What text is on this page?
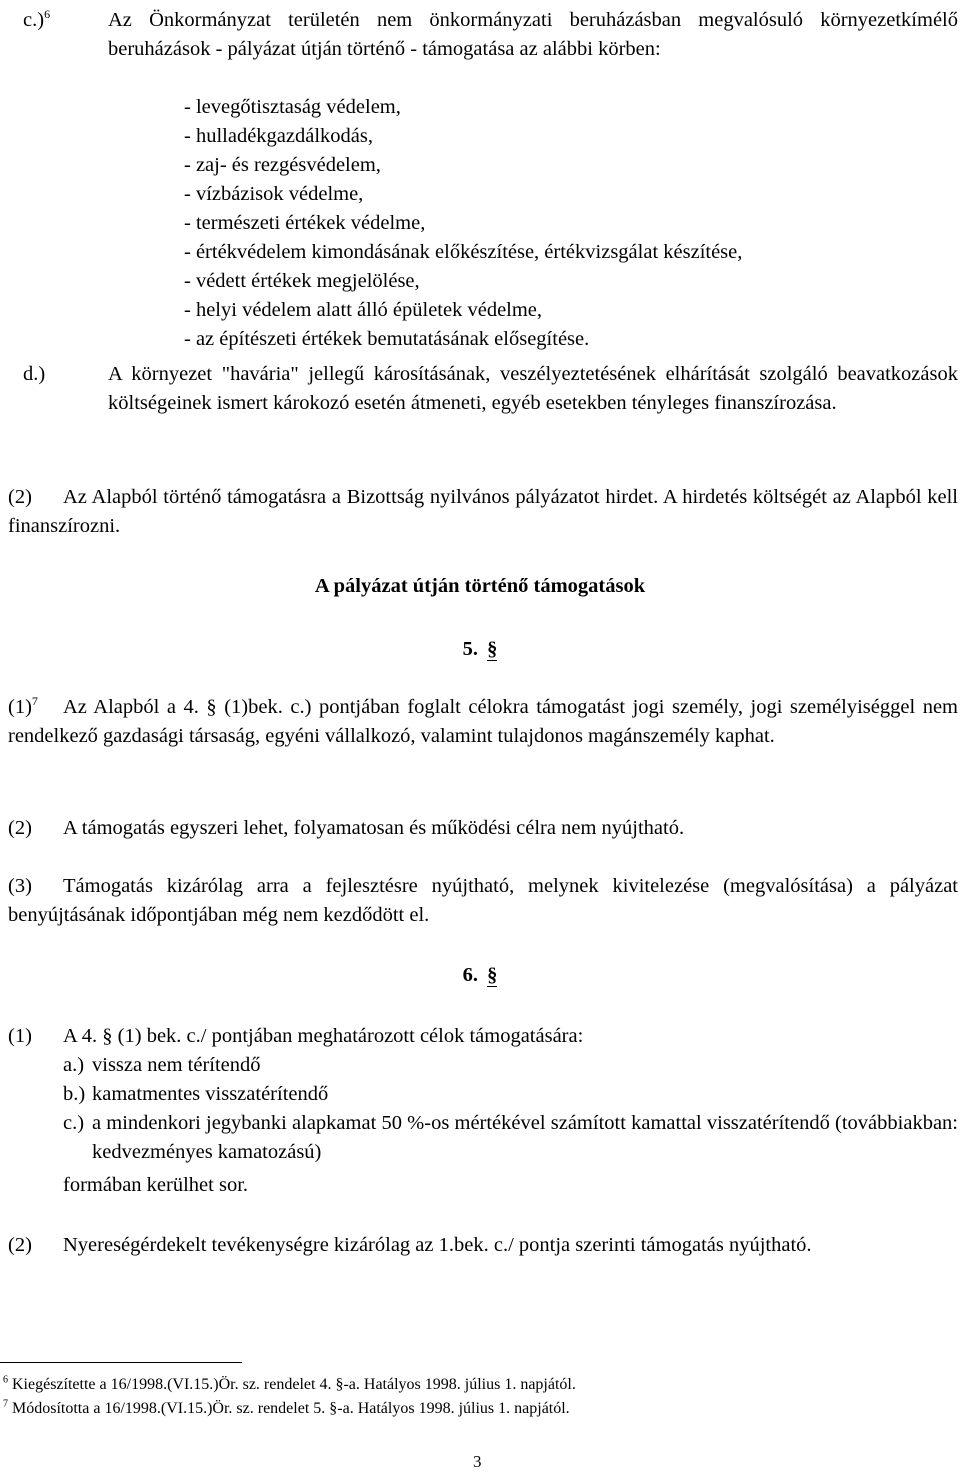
c.)$^6$	Az Önkormányzat területén nem önkormányzati beruházásban megvalósuló környezetkímélő beruházások - pályázat útján történő - támogatása az alábbi körben:
- levegőtisztaság védelem,
- hulladékgazdálkodás,
- zaj- és rezgésvédelem,
- vízbázisok védelme,
- természeti értékek védelme,
- értékvédelem kimondásának előkészítése, értékvizsgálat készítése,
- védett értékek megjelölése,
- helyi védelem alatt álló épületek védelme,
- az építészeti értékek bemutatásának elősegítése.
d.)	A környezet "havária" jellegű károsításának, veszélyeztetésének elhárítását szolgáló beavatkozások költségeinek ismert károkozó esetén átmeneti, egyéb esetekben tényleges finanszírozása.
(2)	Az Alapból történő támogatásra a Bizottság nyilvános pályázatot hirdet. A hirdetés költségét az Alapból kell finanszírozni.
A pályázat útján történő támogatások
5. §
$(1)^7$	Az Alapból a 4. § (1)bek. c.) pontjában foglalt célokra támogatást jogi személy, jogi személyiséggel nem rendelkező gazdasági társaság, egyéni vállalkozó, valamint tulajdonos magánszemély kaphat.
(2) A támogatás egyszeri lehet, folyamatosan és működési célra nem nyújtható.
(3)	Támogatás kizárólag arra a fejlesztésre nyújtható, melynek kivitelezése (megvalósítása) a pályázat benyújtásának időpontjában még nem kezdődött el.
6. §
(1) A 4. § (1) bek. c./ pontjában meghatározott célok támogatására:
a.) vissza nem térítendő
b.) kamatmentes visszatérítendő
c.) a mindenkori jegybanki alapkamat 50 %-os mértékével számított kamattal visszatérítendő (továbbiakban: kedvezményes kamatozású)
formában kerülhet sor.
(2)	Nyereségérdekelt tevékenységre kizárólag az 1.bek. c./ pontja szerinti támogatás nyújtható.
$^6$ Kiegészítette a 16/1998.(VI.15.)Ör. sz. rendelet 4. §-a. Hatályos 1998. július 1. napjától.
$^7$ Módosította a 16/1998.(VI.15.)Ör. sz. rendelet 5. §-a. Hatályos 1998. július 1. napjától.
3
